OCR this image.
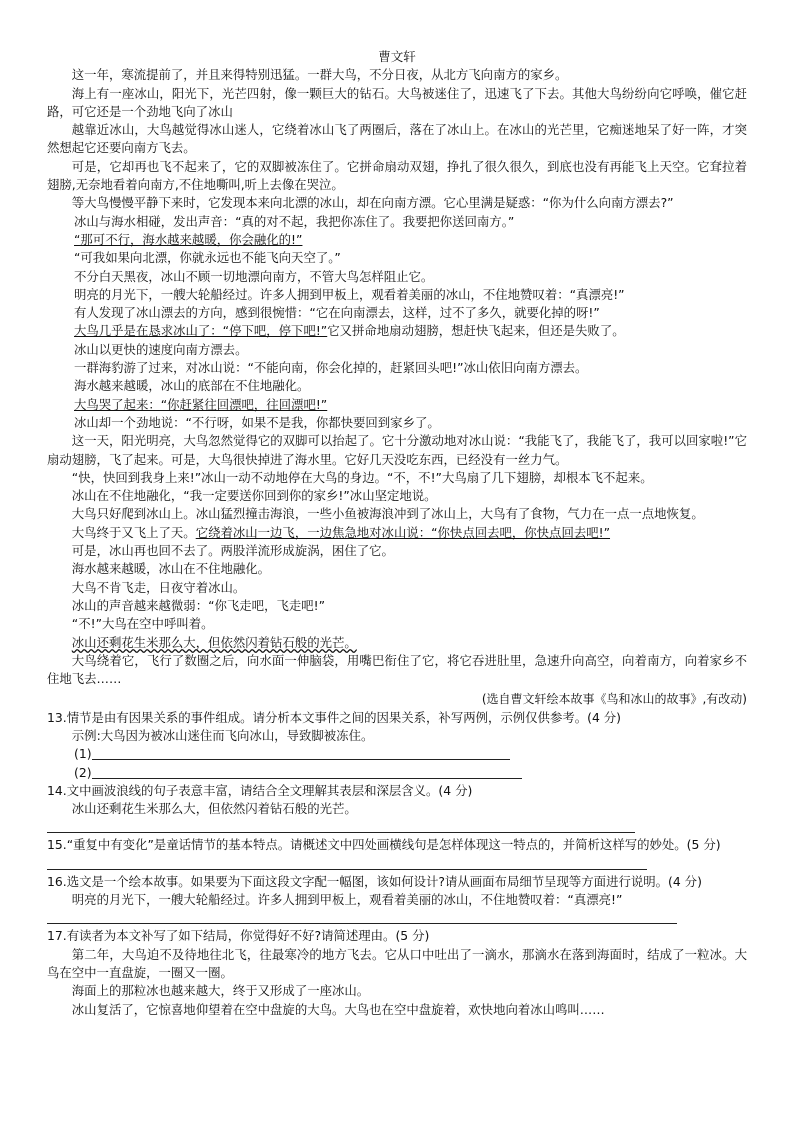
曹文轩

这一年，寒流提前了，并且来得特别迅猛。一群大鸟，不分日夜，从北方飞向南方的家乡。

海上有一座冰山，阳光下，光芒四射，像一颗巨大的钻石。大鸟被迷住了，迅速飞了下去。其他大鸟纷纷向它呼唤，催它赶路，可它还是一个劲地飞向了冰山

越靠近冰山，大鸟越觉得冰山迷人，它绕着冰山飞了两圈后，落在了冰山上。在冰山的光芒里，它痴迷地呆了好一阵，才突然想起它还要向南方飞去。

可是，它却再也飞不起来了，它的双脚被冻住了。它拼命扇动双翅，挣扎了很久很久，到底也没有再能飞上天空。它耷拉着翅膀,无奈地看着向南方,不住地嘶叫,听上去像在哭泣。

等大鸟慢慢平静下来时，它发现本来向北漂的冰山，却在向南方漂。它心里满是疑惑：“你为什么向南方漂去?”

冰山与海水相碰，发出声音：“真的对不起，我把你冻住了。我要把你送回南方。”

“那可不行，海水越来越暖，你会融化的!”

“可我如果向北漂，你就永远也不能飞向天空了。”

不分白天黑夜，冰山不顾一切地漂向南方，不管大鸟怎样阻止它。

明亮的月光下，一艘大轮船经过。许多人拥到甲板上，观看着美丽的冰山，不住地赞叹着：“真漂亮!”

有人发现了冰山漂去的方向，感到很惋惜：“它在向南漂去，这样，过不了多久，就要化掉的呀!”

大鸟几乎是在恳求冰山了：“停下吧，停下吧!”它又拼命地扇动翅膀，想赶快飞起来，但还是失败了。

冰山以更快的速度向南方漂去。

一群海豹游了过来，对冰山说：“不能向南，你会化掉的，赶紧回头吧!”冰山依旧向南方漂去。

海水越来越暖，冰山的底部在不住地融化。

大鸟哭了起来：“你赶紧往回漂吧，往回漂吧!”

冰山却一个劲地说：“不行呀，如果不是我，你都快要回到家乡了。

这一天，阳光明亮，大鸟忽然觉得它的双脚可以抬起了。它十分激动地对冰山说：“我能飞了，我能飞了，我可以回家啦!”它扇动翅膀，飞了起来。可是，大鸟很快掉进了海水里。它好几天没吃东西，已经没有一丝力气。

“快，快回到我身上来!”冰山一动不动地停在大鸟的身边。“不，不!”大鸟扇了几下翅膀，却根本飞不起来。

冰山在不住地融化，“我一定要送你回到你的家乡!”冰山坚定地说。

大鸟只好爬到冰山上。冰山猛烈撞击海浪，一些小鱼被海浪冲到了冰山上，大鸟有了食物，气力在一点一点地恢复。

大鸟终于又飞上了天。它绕着冰山一边飞，一边焦急地对冰山说：“你快点回去吧，你快点回去吧!”

可是，冰山再也回不去了。两股洋流形成旋涡，困住了它。

海水越来越暖，冰山在不住地融化。

大鸟不肯飞走，日夜守着冰山。

冰山的声音越来越微弱：“你飞走吧，飞走吧!”

“不!”大鸟在空中呼叫着。

冰山还剩花生米那么大，但依然闪着钻石般的光芒。

大鸟绕着它，飞行了数圈之后，向水面一伸脑袋，用嘴巴衔住了它，将它吞进肚里，急速升向高空，向着南方，向着家乡不住地飞去……

(选自曹文轩绘本故事《鸟和冰山的故事》,有改动)
13.情节是由有因果关系的事件组成。请分析本文事件之间的因果关系，补写两例，示例仅供参考。(4 分)

示例:大鸟因为被冰山迷住而飞向冰山，导致脚被冻住。

(1)
(2)
14.文中画波浪线的句子表意丰富，请结合全文理解其表层和深层含义。(4 分)

冰山还剩花生米那么大，但依然闪着钻石般的光芒。

15.“重复中有变化”是童话情节的基本特点。请概述文中四处画横线句是怎样体现这一特点的，并简析这样写的妙处。(5 分)
16.选文是一个绘本故事。如果要为下面这段文字配一幅图，该如何设计?请从画面布局细节呈现等方面进行说明。(4 分)

明亮的月光下，一艘大轮船经过。许多人拥到甲板上，观看着美丽的冰山，不住地赞叹着：“真漂亮!”

17.有读者为本文补写了如下结局，你觉得好不好?请简述理由。(5 分)

第二年，大鸟迫不及待地往北飞，往最寒冷的地方飞去。它从口中吐出了一滴水，那滴水在落到海面时，结成了一粒冰。大鸟在空中一直盘旋，一圈又一圈。

海面上的那粒冰也越来越大，终于又形成了一座冰山。

冰山复活了，它惊喜地仰望着在空中盘旋的大鸟。大鸟也在空中盘旋着，欢快地向着冰山鸣叫……
